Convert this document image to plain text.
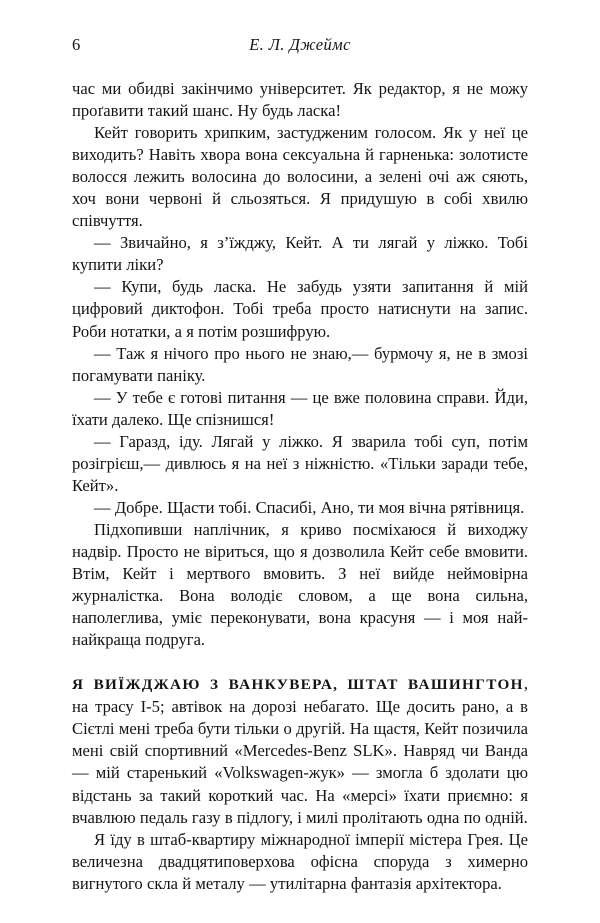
6	Е. Л. Джеймс

час ми обидві закінчимо університет. Як редактор, я не можу проґавити такий шанс. Ну будь ласка!

Кейт говорить хрипким, застудженим голосом. Як у неї це виходить? Навіть хвора вона сексуальна й гарненька: золотисте волосся лежить волосина до волосини, а зелені очі аж сяють, хоч вони червоні й сльозяться. Я придушую в собі хвилю співчуття.

— Звичайно, я з’їжджу, Кейт. А ти лягай у ліжко. Тобі купити ліки?

— Купи, будь ласка. Не забудь узяти запитання й мій цифровий диктофон. Тобі треба просто натиснути на запис. Роби нотатки, а я потім розшифрую.

— Таж я нічого про нього не знаю,— бурмочу я, не в змозі погамувати паніку.

— У тебе є готові питання — це вже половина справи. Йди, їхати далеко. Ще спізнишся!

— Гаразд, іду. Лягай у ліжко. Я зварила тобі суп, потім розігрієш,— дивлюсь я на неї з ніжністю. «Тільки заради тебе, Кейт».

— Добре. Щасти тобі. Спасибі, Ано, ти моя вічна рятівниця.

Підхопивши наплічник, я криво посміхаюся й виходжу надвір. Просто не віриться, що я дозволила Кейт себе вмовити. Втім, Кейт і мертвого вмовить. З неї вийде неймовірна журналістка. Вона володіє словом, а ще вона сильна, наполеглива, уміє переконувати, вона красуня — і моя най-найкраща подруга.

Я ВИЇЖДЖАЮ З ВАНКУВЕРА, ШТАТ ВАШИНГТОН, на трасу I-5; автівок на дорозі небагато. Ще досить рано, а в Сієтлі мені треба бути тільки о другій. На щастя, Кейт позичила мені свій спортивний «Mercedes-Benz SLK». Навряд чи Ванда — мій старенький «Volkswagen-жук» — змогла б здолати цю відстань за такий короткий час. На «мерсі» їхати приємно: я вчавлюю педаль газу в підлогу, і милі пролітають одна по одній.

Я їду в штаб-квартиру міжнародної імперії містера Грея. Це величезна двадцятиповерхова офісна споруда з химерно вигнутого скла й металу — утилітарна фантазія архітектора.
